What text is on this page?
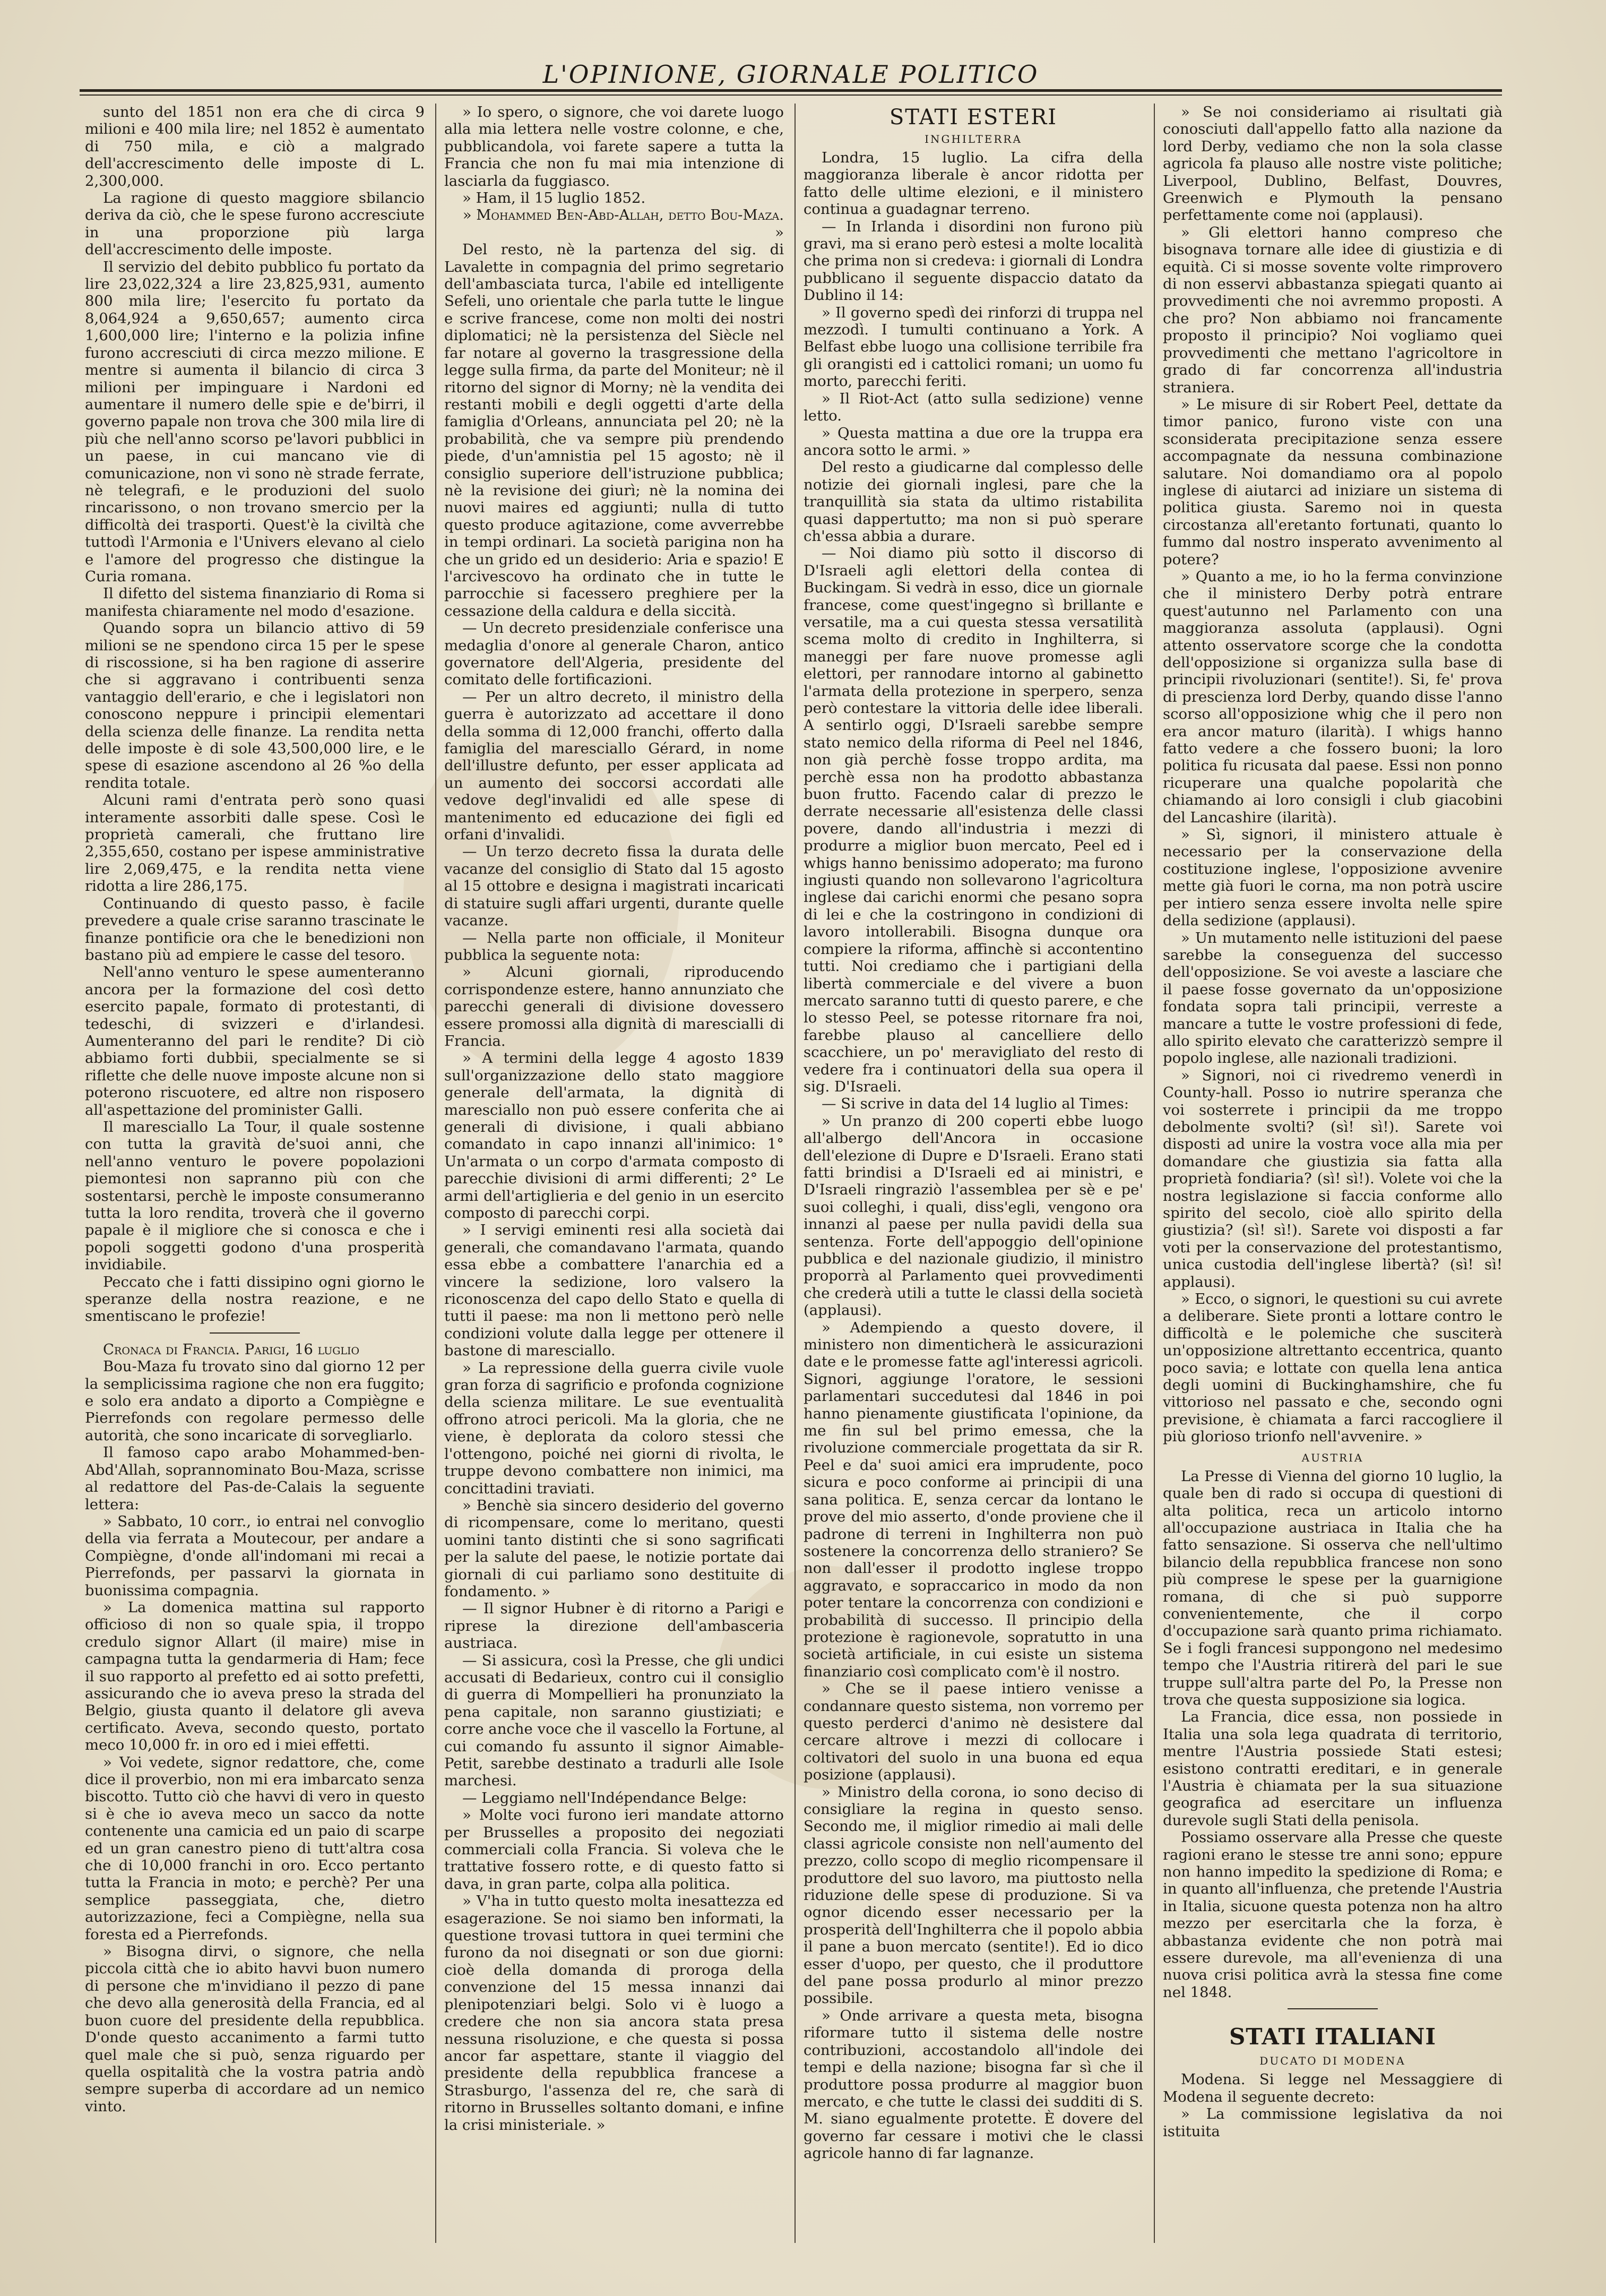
L'OPINIONE, GIORNALE POLITICO

sunto del 1851 non era che di circa 9 milioni e 400 mila lire; nel 1852 è aumentato di 750 mila, e ciò a malgrado dell'accrescimento delle imposte di L. 2,300,000.

La ragione di questo maggiore sbilancio deriva da ciò, che le spese furono accresciute in una proporzione più larga dell'accrescimento delle imposte.

Il servizio del debito pubblico fu portato da lire 23,022,324 a lire 23,825,931, aumento 800 mila lire; l'esercito fu portato da 8,064,924 a 9,650,657; aumento circa 1,600,000 lire; l'interno e la polizia infine furono accresciuti di circa mezzo milione. E mentre si aumenta il bilancio di circa 3 milioni per impinguare i Nardoni ed aumentare il numero delle spie e de'birri, il governo papale non trova che 300 mila lire di più che nell'anno scorso pe'lavori pubblici in un paese, in cui mancano vie di comunicazione, non vi sono nè strade ferrate, nè telegrafi, e le produzioni del suolo rincarissono, o non trovano smercio per la difficoltà dei trasporti. Quest'è la civiltà che tuttodì l'Armonia e l'Univers elevano al cielo e l'amore del progresso che distingue la Curia romana.

Il difetto del sistema finanziario di Roma si manifesta chiaramente nel modo d'esazione.

Quando sopra un bilancio attivo di 59 milioni se ne spendono circa 15 per le spese di riscossione, si ha ben ragione di asserire che si aggravano i contribuenti senza vantaggio dell'erario, e che i legislatori non conoscono neppure i principii elementari della scienza delle finanze. La rendita netta delle imposte è di sole 43,500,000 lire, e le spese di esazione ascendono al 26 %o della rendita totale.

Alcuni rami d'entrata però sono quasi interamente assorbiti dalle spese. Così le proprietà camerali, che fruttano lire 2,355,650, costano per ispese amministrative lire 2,069,475, e la rendita netta viene ridotta a lire 286,175.

Continuando di questo passo, è facile prevedere a quale crise saranno trascinate le finanze pontificie ora che le benedizioni non bastano più ad empiere le casse del tesoro.

Nell'anno venturo le spese aumenteranno ancora per la formazione del così detto esercito papale, formato di protestanti, di tedeschi, di svizzeri e d'irlandesi. Aumenteranno del pari le rendite? Di ciò abbiamo forti dubbii, specialmente se si riflette che delle nuove imposte alcune non si poterono riscuotere, ed altre non risposero all'aspettazione del prominister Galli.

Il maresciallo La Tour, il quale sostenne con tutta la gravità de'suoi anni, che nell'anno venturo le povere popolazioni piemontesi non sapranno più con che sostentarsi, perchè le imposte consumeranno tutta la loro rendita, troverà che il governo papale è il migliore che si conosca e che i popoli soggetti godono d'una prosperità invidiabile.

Peccato che i fatti dissipino ogni giorno le speranze della nostra reazione, e ne smentiscano le profezie!

Cronaca di Francia. Parigi, 16 luglio

Bou-Maza fu trovato sino dal giorno 12 per la semplicissima ragione che non era fuggito; e solo era andato a diporto a Compiègne e Pierrefonds con regolare permesso delle autorità, che sono incaricate di sorvegliarlo.

Il famoso capo arabo Mohammed-ben-Abd'Allah, soprannominato Bou-Maza, scrisse al redattore del Pas-de-Calais la seguente lettera:

» Sabbato, 10 corr., io entrai nel convoglio della via ferrata a Moutecour, per andare a Compiègne, d'onde all'indomani mi recai a Pierrefonds, per passarvi la giornata in buonissima compagnia.

» La domenica mattina sul rapporto officioso di non so quale spia, il troppo credulo signor Allart (il maire) mise in campagna tutta la gendarmeria di Ham; fece il suo rapporto al prefetto ed ai sotto prefetti, assicurando che io aveva preso la strada del Belgio, giusta quanto il delatore gli aveva certificato. Aveva, secondo questo, portato meco 10,000 fr. in oro ed i miei effetti.

» Voi vedete, signor redattore, che, come dice il proverbio, non mi era imbarcato senza biscotto. Tutto ciò che havvi di vero in questo si è che io aveva meco un sacco da notte contenente una camicia ed un paio di scarpe ed un gran canestro pieno di tutt'altra cosa che di 10,000 franchi in oro. Ecco pertanto tutta la Francia in moto; e perchè? Per una semplice passeggiata, che, dietro autorizzazione, feci a Compiègne, nella sua foresta ed a Pierrefonds.

» Bisogna dirvi, o signore, che nella piccola città che io abito havvi buon numero di persone che m'invidiano il pezzo di pane che devo alla generosità della Francia, ed al buon cuore del presidente della repubblica. D'onde questo accanimento a farmi tutto quel male che si può, senza riguardo per quella ospitalità che la vostra patria andò sempre superba di accordare ad un nemico vinto.

» Io spero, o signore, che voi darete luogo alla mia lettera nelle vostre colonne, e che, pubblicandola, voi farete sapere a tutta la Francia che non fu mai mia intenzione di lasciarla da fuggiasco.

» Ham, il 15 luglio 1852.

» Mohammed Ben-Abd-Allah, detto Bou-Maza. »

Del resto, nè la partenza del sig. di Lavalette in compagnia del primo segretario dell'ambasciata turca, l'abile ed intelligente Sefeli, uno orientale che parla tutte le lingue e scrive francese, come non molti dei nostri diplomatici; nè la persistenza del Siècle nel far notare al governo la trasgressione della legge sulla firma, da parte del Moniteur; nè il ritorno del signor di Morny; nè la vendita dei restanti mobili e degli oggetti d'arte della famiglia d'Orleans, annunciata pel 20; nè la probabilità, che va sempre più prendendo piede, d'un'amnistia pel 15 agosto; nè il consiglio superiore dell'istruzione pubblica; nè la revisione dei giurì; nè la nomina dei nuovi maires ed aggiunti; nulla di tutto questo produce agitazione, come avverrebbe in tempi ordinari. La società parigina non ha che un grido ed un desiderio: Aria e spazio! E l'arcivescovo ha ordinato che in tutte le parrocchie si facessero preghiere per la cessazione della caldura e della siccità.

— Un decreto presidenziale conferisce una medaglia d'onore al generale Charon, antico governatore dell'Algeria, presidente del comitato delle fortificazioni.

— Per un altro decreto, il ministro della guerra è autorizzato ad accettare il dono della somma di 12,000 franchi, offerto dalla famiglia del maresciallo Gérard, in nome dell'illustre defunto, per esser applicata ad un aumento dei soccorsi accordati alle vedove degl'invalidi ed alle spese di mantenimento ed educazione dei figli ed orfani d'invalidi.

— Un terzo decreto fissa la durata delle vacanze del consiglio di Stato dal 15 agosto al 15 ottobre e designa i magistrati incaricati di statuire sugli affari urgenti, durante quelle vacanze.

— Nella parte non officiale, il Moniteur pubblica la seguente nota:

» Alcuni giornali, riproducendo corrispondenze estere, hanno annunziato che parecchi generali di divisione dovessero essere promossi alla dignità di marescialli di Francia.

» A termini della legge 4 agosto 1839 sull'organizzazione dello stato maggiore generale dell'armata, la dignità di maresciallo non può essere conferita che ai generali di divisione, i quali abbiano comandato in capo innanzi all'inimico: 1° Un'armata o un corpo d'armata composto di parecchie divisioni di armi differenti; 2° Le armi dell'artiglieria e del genio in un esercito composto di parecchi corpi.

» I servigi eminenti resi alla società dai generali, che comandavano l'armata, quando essa ebbe a combattere l'anarchia ed a vincere la sedizione, loro valsero la riconoscenza del capo dello Stato e quella di tutti il paese: ma non li mettono però nelle condizioni volute dalla legge per ottenere il bastone di maresciallo.

» La repressione della guerra civile vuole gran forza di sagrificio e profonda cognizione della scienza militare. Le sue eventualità offrono atroci pericoli. Ma la gloria, che ne viene, è deplorata da coloro stessi che l'ottengono, poiché nei giorni di rivolta, le truppe devono combattere non inimici, ma concittadini traviati.

» Benchè sia sincero desiderio del governo di ricompensare, come lo meritano, questi uomini tanto distinti che si sono sagrificati per la salute del paese, le notizie portate dai giornali di cui parliamo sono destituite di fondamento. »

— Il signor Hubner è di ritorno a Parigi e riprese la direzione dell'ambasceria austriaca.

— Si assicura, così la Presse, che gli undici accusati di Bedarieux, contro cui il consiglio di guerra di Mompellieri ha pronunziato la pena capitale, non saranno giustiziati; e corre anche voce che il vascello la Fortune, al cui comando fu assunto il signor Aimable-Petit, sarebbe destinato a tradurli alle Isole marchesi.

— Leggiamo nell'Indépendance Belge:

» Molte voci furono ieri mandate attorno per Brusselles a proposito dei negoziati commerciali colla Francia. Si voleva che le trattative fossero rotte, e di questo fatto si dava, in gran parte, colpa alla politica.

» V'ha in tutto questo molta inesattezza ed esagerazione. Se noi siamo ben informati, la questione trovasi tuttora in quei termini che furono da noi disegnati or son due giorni: cioè della domanda di proroga della convenzione del 15 messa innanzi dai plenipotenziari belgi. Solo vi è luogo a credere che non sia ancora stata presa nessuna risoluzione, e che questa si possa ancor far aspettare, stante il viaggio del presidente della repubblica francese a Strasburgo, l'assenza del re, che sarà di ritorno in Brusselles soltanto domani, e infine la crisi ministeriale. »

STATI ESTERI
INGHILTERRA

Londra, 15 luglio. La cifra della maggioranza liberale è ancor ridotta per fatto delle ultime elezioni, e il ministero continua a guadagnar terreno.

— In Irlanda i disordini non furono più gravi, ma si erano però estesi a molte località che prima non si credeva: i giornali di Londra pubblicano il seguente dispaccio datato da Dublino il 14:

» Il governo spedì dei rinforzi di truppa nel mezzodì. I tumulti continuano a York. A Belfast ebbe luogo una collisione terribile fra gli orangisti ed i cattolici romani; un uomo fu morto, parecchi feriti.

» Il Riot-Act (atto sulla sedizione) venne letto.

» Questa mattina a due ore la truppa era ancora sotto le armi. »

Del resto a giudicarne dal complesso delle notizie dei giornali inglesi, pare che la tranquillità sia stata da ultimo ristabilita quasi dappertutto; ma non si può sperare ch'essa abbia a durare.

— Noi diamo più sotto il discorso di D'Israeli agli elettori della contea di Buckingam. Si vedrà in esso, dice un giornale francese, come quest'ingegno sì brillante e versatile, ma a cui questa stessa versatilità scema molto di credito in Inghilterra, si maneggi per fare nuove promesse agli elettori, per rannodare intorno al gabinetto l'armata della protezione in sperpero, senza però contestare la vittoria delle idee liberali. A sentirlo oggi, D'Israeli sarebbe sempre stato nemico della riforma di Peel nel 1846, non già perchè fosse troppo ardita, ma perchè essa non ha prodotto abbastanza buon frutto. Facendo calar di prezzo le derrate necessarie all'esistenza delle classi povere, dando all'industria i mezzi di produrre a miglior buon mercato, Peel ed i whigs hanno benissimo adoperato; ma furono ingiusti quando non sollevarono l'agricoltura inglese dai carichi enormi che pesano sopra di lei e che la costringono in condizioni di lavoro intollerabili. Bisogna dunque ora compiere la riforma, affinchè si accontentino tutti. Noi crediamo che i partigiani della libertà commerciale e del vivere a buon mercato saranno tutti di questo parere, e che lo stesso Peel, se potesse ritornare fra noi, farebbe plauso al cancelliere dello scacchiere, un po' meravigliato del resto di vedere fra i continuatori della sua opera il sig. D'Israeli.

— Si scrive in data del 14 luglio al Times:

» Un pranzo di 200 coperti ebbe luogo all'albergo dell'Ancora in occasione dell'elezione di Dupre e D'Israeli. Erano stati fatti brindisi a D'Israeli ed ai ministri, e D'Israeli ringraziò l'assemblea per sè e pe' suoi colleghi, i quali, diss'egli, vengono ora innanzi al paese per nulla pavidi della sua sentenza. Forte dell'appoggio dell'opinione pubblica e del nazionale giudizio, il ministro proporrà al Parlamento quei provvedimenti che crederà utili a tutte le classi della società (applausi).

» Adempiendo a questo dovere, il ministero non dimenticherà le assicurazioni date e le promesse fatte agl'interessi agricoli. Signori, aggiunge l'oratore, le sessioni parlamentari succedutesi dal 1846 in poi hanno pienamente giustificata l'opinione, da me fin sul bel primo emessa, che la rivoluzione commerciale progettata da sir R. Peel e da' suoi amici era imprudente, poco sicura e poco conforme ai principii di una sana politica. E, senza cercar da lontano le prove del mio asserto, d'onde proviene che il padrone di terreni in Inghilterra non può sostenere la concorrenza dello straniero? Se non dall'esser il prodotto inglese troppo aggravato, e sopraccarico in modo da non poter tentare la concorrenza con condizioni e probabilità di successo. Il principio della protezione è ragionevole, sopratutto in una società artificiale, in cui esiste un sistema finanziario così complicato com'è il nostro.

» Che se il paese intiero venisse a condannare questo sistema, non vorremo per questo perderci d'animo nè desistere dal cercare altrove i mezzi di collocare i coltivatori del suolo in una buona ed equa posizione (applausi).

» Ministro della corona, io sono deciso di consigliare la regina in questo senso. Secondo me, il miglior rimedio ai mali delle classi agricole consiste non nell'aumento del prezzo, collo scopo di meglio ricompensare il produttore del suo lavoro, ma piuttosto nella riduzione delle spese di produzione. Si va ognor dicendo esser necessario per la prosperità dell'Inghilterra che il popolo abbia il pane a buon mercato (sentite!). Ed io dico esser d'uopo, per questo, che il produttore del pane possa produrlo al minor prezzo possibile.

» Onde arrivare a questa meta, bisogna riformare tutto il sistema delle nostre contribuzioni, accostandolo all'indole dei tempi e della nazione; bisogna far sì che il produttore possa produrre al maggior buon mercato, e che tutte le classi dei sudditi di S. M. siano egualmente protette. È dovere del governo far cessare i motivi che le classi agricole hanno di far lagnanze.

» Se noi consideriamo ai risultati già conosciuti dall'appello fatto alla nazione da lord Derby, vediamo che non la sola classe agricola fa plauso alle nostre viste politiche; Liverpool, Dublino, Belfast, Douvres, Greenwich e Plymouth la pensano perfettamente come noi (applausi).

» Gli elettori hanno compreso che bisognava tornare alle idee di giustizia e di equità. Ci si mosse sovente volte rimprovero di non esservi abbastanza spiegati quanto ai provvedimenti che noi avremmo proposti. A che pro? Non abbiamo noi francamente proposto il principio? Noi vogliamo quei provvedimenti che mettano l'agricoltore in grado di far concorrenza all'industria straniera.

» Le misure di sir Robert Peel, dettate da timor panico, furono viste con una sconsiderata precipitazione senza essere accompagnate da nessuna combinazione salutare. Noi domandiamo ora al popolo inglese di aiutarci ad iniziare un sistema di politica giusta. Saremo noi in questa circostanza all'eretanto fortunati, quanto lo fummo dal nostro insperato avvenimento al potere?

» Quanto a me, io ho la ferma convinzione che il ministero Derby potrà entrare quest'autunno nel Parlamento con una maggioranza assoluta (applausi). Ogni attento osservatore scorge che la condotta dell'opposizione si organizza sulla base di principii rivoluzionari (sentite!). Si, fe' prova di prescienza lord Derby, quando disse l'anno scorso all'opposizione whig che il pero non era ancor maturo (ilarità). I whigs hanno fatto vedere a che fossero buoni; la loro politica fu ricusata dal paese. Essi non ponno ricuperare una qualche popolarità che chiamando ai loro consigli i club giacobini del Lancashire (ilarità).

» Sì, signori, il ministero attuale è necessario per la conservazione della costituzione inglese, l'opposizione avvenire mette già fuori le corna, ma non potrà uscire per intiero senza essere involta nelle spire della sedizione (applausi).

» Un mutamento nelle istituzioni del paese sarebbe la conseguenza del successo dell'opposizione. Se voi aveste a lasciare che il paese fosse governato da un'opposizione fondata sopra tali principii, verreste a mancare a tutte le vostre professioni di fede, allo spirito elevato che caratterizzò sempre il popolo inglese, alle nazionali tradizioni.

» Signori, noi ci rivedremo venerdì in County-hall. Posso io nutrire speranza che voi sosterrete i principii da me troppo debolmente svolti? (sì! sì!). Sarete voi disposti ad unire la vostra voce alla mia per domandare che giustizia sia fatta alla proprietà fondiaria? (sì! sì!). Volete voi che la nostra legislazione si faccia conforme allo spirito del secolo, cioè allo spirito della giustizia? (sì! sì!). Sarete voi disposti a far voti per la conservazione del protestantismo, unica custodia dell'inglese libertà? (sì! sì! applausi).

» Ecco, o signori, le questioni su cui avrete a deliberare. Siete pronti a lottare contro le difficoltà e le polemiche che susciterà un'opposizione altrettanto eccentrica, quanto poco savia; e lottate con quella lena antica degli uomini di Buckinghamshire, che fu vittorioso nel passato e che, secondo ogni previsione, è chiamata a farci raccogliere il più glorioso trionfo nell'avvenire. »

AUSTRIA

La Presse di Vienna del giorno 10 luglio, la quale ben di rado si occupa di questioni di alta politica, reca un articolo intorno all'occupazione austriaca in Italia che ha fatto sensazione. Si osserva che nell'ultimo bilancio della repubblica francese non sono più comprese le spese per la guarnigione romana, di che si può supporre convenientemente, che il corpo d'occupazione sarà quanto prima richiamato. Se i fogli francesi suppongono nel medesimo tempo che l'Austria ritirerà del pari le sue truppe sull'altra parte del Po, la Presse non trova che questa supposizione sia logica.

La Francia, dice essa, non possiede in Italia una sola lega quadrata di territorio, mentre l'Austria possiede Stati estesi; esistono contratti ereditari, e in generale l'Austria è chiamata per la sua situazione geografica ad esercitare un influenza durevole sugli Stati della penisola.

Possiamo osservare alla Presse che queste ragioni erano le stesse tre anni sono; eppure non hanno impedito la spedizione di Roma; e in quanto all'influenza, che pretende l'Austria in Italia, sicuone questa potenza non ha altro mezzo per esercitarla che la forza, è abbastanza evidente che non potrà mai essere durevole, ma all'evenienza di una nuova crisi politica avrà la stessa fine come nel 1848.

STATI ITALIANI
DUCATO DI MODENA

Modena. Si legge nel Messaggiere di Modena il seguente decreto:

» La commissione legislativa da noi istituita
